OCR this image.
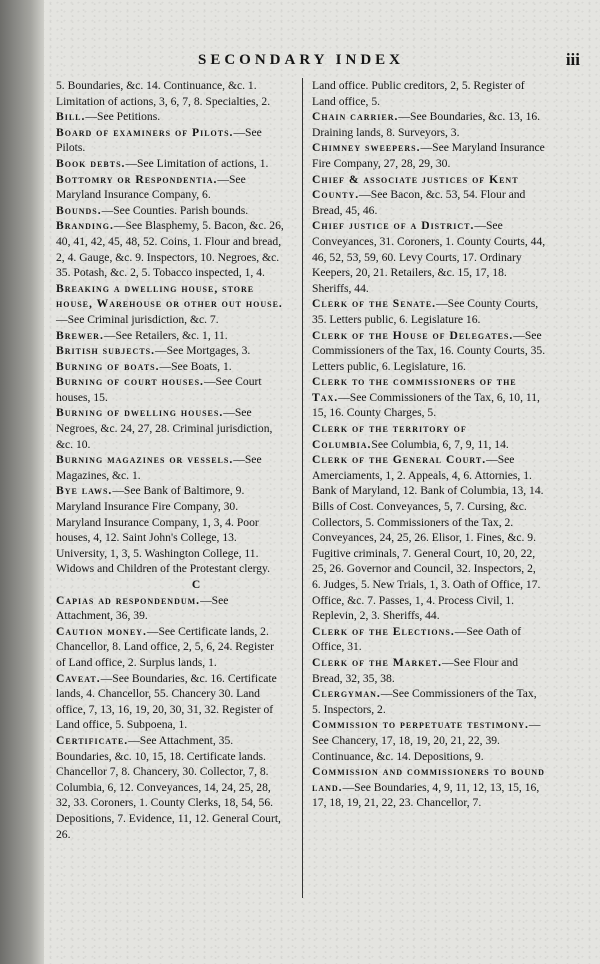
SECONDARY INDEX	iii

5. Boundaries, &c. 14. Continuance, &c. 1. Limitation of actions, 3, 6, 7, 8. Specialties, 2.

Bill.—See Petitions.

Board of examiners of Pilots.—See Pilots.

Book debts.—See Limitation of actions, 1.

Bottomry or Respondentia.—See Maryland Insurance Company, 6.

Bounds.—See Counties. Parish bounds.

Branding.—See Blasphemy, 5. Bacon, &c. 26, 40, 41, 42, 45, 48, 52. Coins, 1. Flour and bread, 2, 4. Gauge, &c. 9. Inspectors, 10. Negroes, &c. 35. Potash, &c. 2, 5. Tobacco inspected, 1, 4.

Breaking a dwelling house, store house, Warehouse or other out house.—See Criminal jurisdiction, &c. 7.

Brewer.—See Retailers, &c. 1, 11.

British subjects.—See Mortgages, 3.

Burning of boats.—See Boats, 1.

Burning of court houses.—See Court houses, 15.

Burning of dwelling houses.—See Negroes, &c. 24, 27, 28. Criminal jurisdiction, &c. 10.

Burning magazines or vessels.—See Magazines, &c. 1.

Bye laws.—See Bank of Baltimore, 9. Maryland Insurance Fire Company, 30. Maryland Insurance Company, 1, 3, 4. Poor houses, 4, 12. Saint John's College, 13. University, 1, 3, 5. Washington College, 11. Widows and Children of the Protestant clergy.

C

Capias ad respondendum.—See Attachment, 36, 39.

Caution money.—See Certificate lands, 2. Chancellor, 8. Land office, 2, 5, 6, 24. Register of Land office, 2. Surplus lands, 1.

Caveat.—See Boundaries, &c. 16. Certificate lands, 4. Chancellor, 55. Chancery 30. Land office, 7, 13, 16, 19, 20, 30, 31, 32. Register of Land office, 5. Subpoena, 1.

Certificate.—See Attachment, 35. Boundaries, &c. 10, 15, 18. Certificate lands. Chancellor 7, 8. Chancery, 30. Collector, 7, 8. Columbia, 6, 12. Conveyances, 14, 24, 25, 28, 32, 33. Coroners, 1. County Clerks, 18, 54, 56. Depositions, 7. Evidence, 11, 12. General Court, 26.

Land office. Public creditors, 2, 5. Register of Land office, 5.

Chain carrier.—See Boundaries, &c. 13, 16. Draining lands, 8. Surveyors, 3.

Chimney sweepers.—See Maryland Insurance Fire Company, 27, 28, 29, 30.

Chief & associate justices of Kent County.—See Bacon, &c. 53, 54. Flour and Bread, 45, 46.

Chief justice of a District.—See Conveyances, 31. Coroners, 1. County Courts, 44, 46, 52, 53, 59, 60. Levy Courts, 17. Ordinary Keepers, 20, 21. Retailers, &c. 15, 17, 18. Sheriffs, 44.

Clerk of the Senate.—See County Courts, 35. Letters public, 6. Legislature 16.

Clerk of the House of Delegates.—See Commissioners of the Tax, 16. County Courts, 35. Letters public, 6. Legislature, 16.

Clerk to the commissioners of the Tax.—See Commissioners of the Tax, 6, 10, 11, 15, 16. County Charges, 5.

Clerk of the territory of Columbia.See Columbia, 6, 7, 9, 11, 14.

Clerk of the General Court.—See Amerciaments, 1, 2. Appeals, 4, 6. Attornies, 1. Bank of Maryland, 12. Bank of Columbia, 13, 14. Bills of Cost. Conveyances, 5, 7. Cursing, &c. Collectors, 5. Commissioners of the Tax, 2. Conveyances, 24, 25, 26. Elisor, 1. Fines, &c. 9. Fugitive criminals, 7. General Court, 10, 20, 22, 25, 26. Governor and Council, 32. Inspectors, 2, 6. Judges, 5. New Trials, 1, 3. Oath of Office, 17. Office, &c. 7. Passes, 1, 4. Process Civil, 1. Replevin, 2, 3. Sheriffs, 44.

Clerk of the Elections.—See Oath of Office, 31.

Clerk of the Market.—See Flour and Bread, 32, 35, 38.

Clergyman.—See Commissioners of the Tax, 5. Inspectors, 2.

Commission to perpetuate testimony.—See Chancery, 17, 18, 19, 20, 21, 22, 39. Continuance, &c. 14. Depositions, 9.

Commission and commissioners to bound land.—See Boundaries, 4, 9, 11, 12, 13, 15, 16, 17, 18, 19, 21, 22, 23. Chancellor, 7.
